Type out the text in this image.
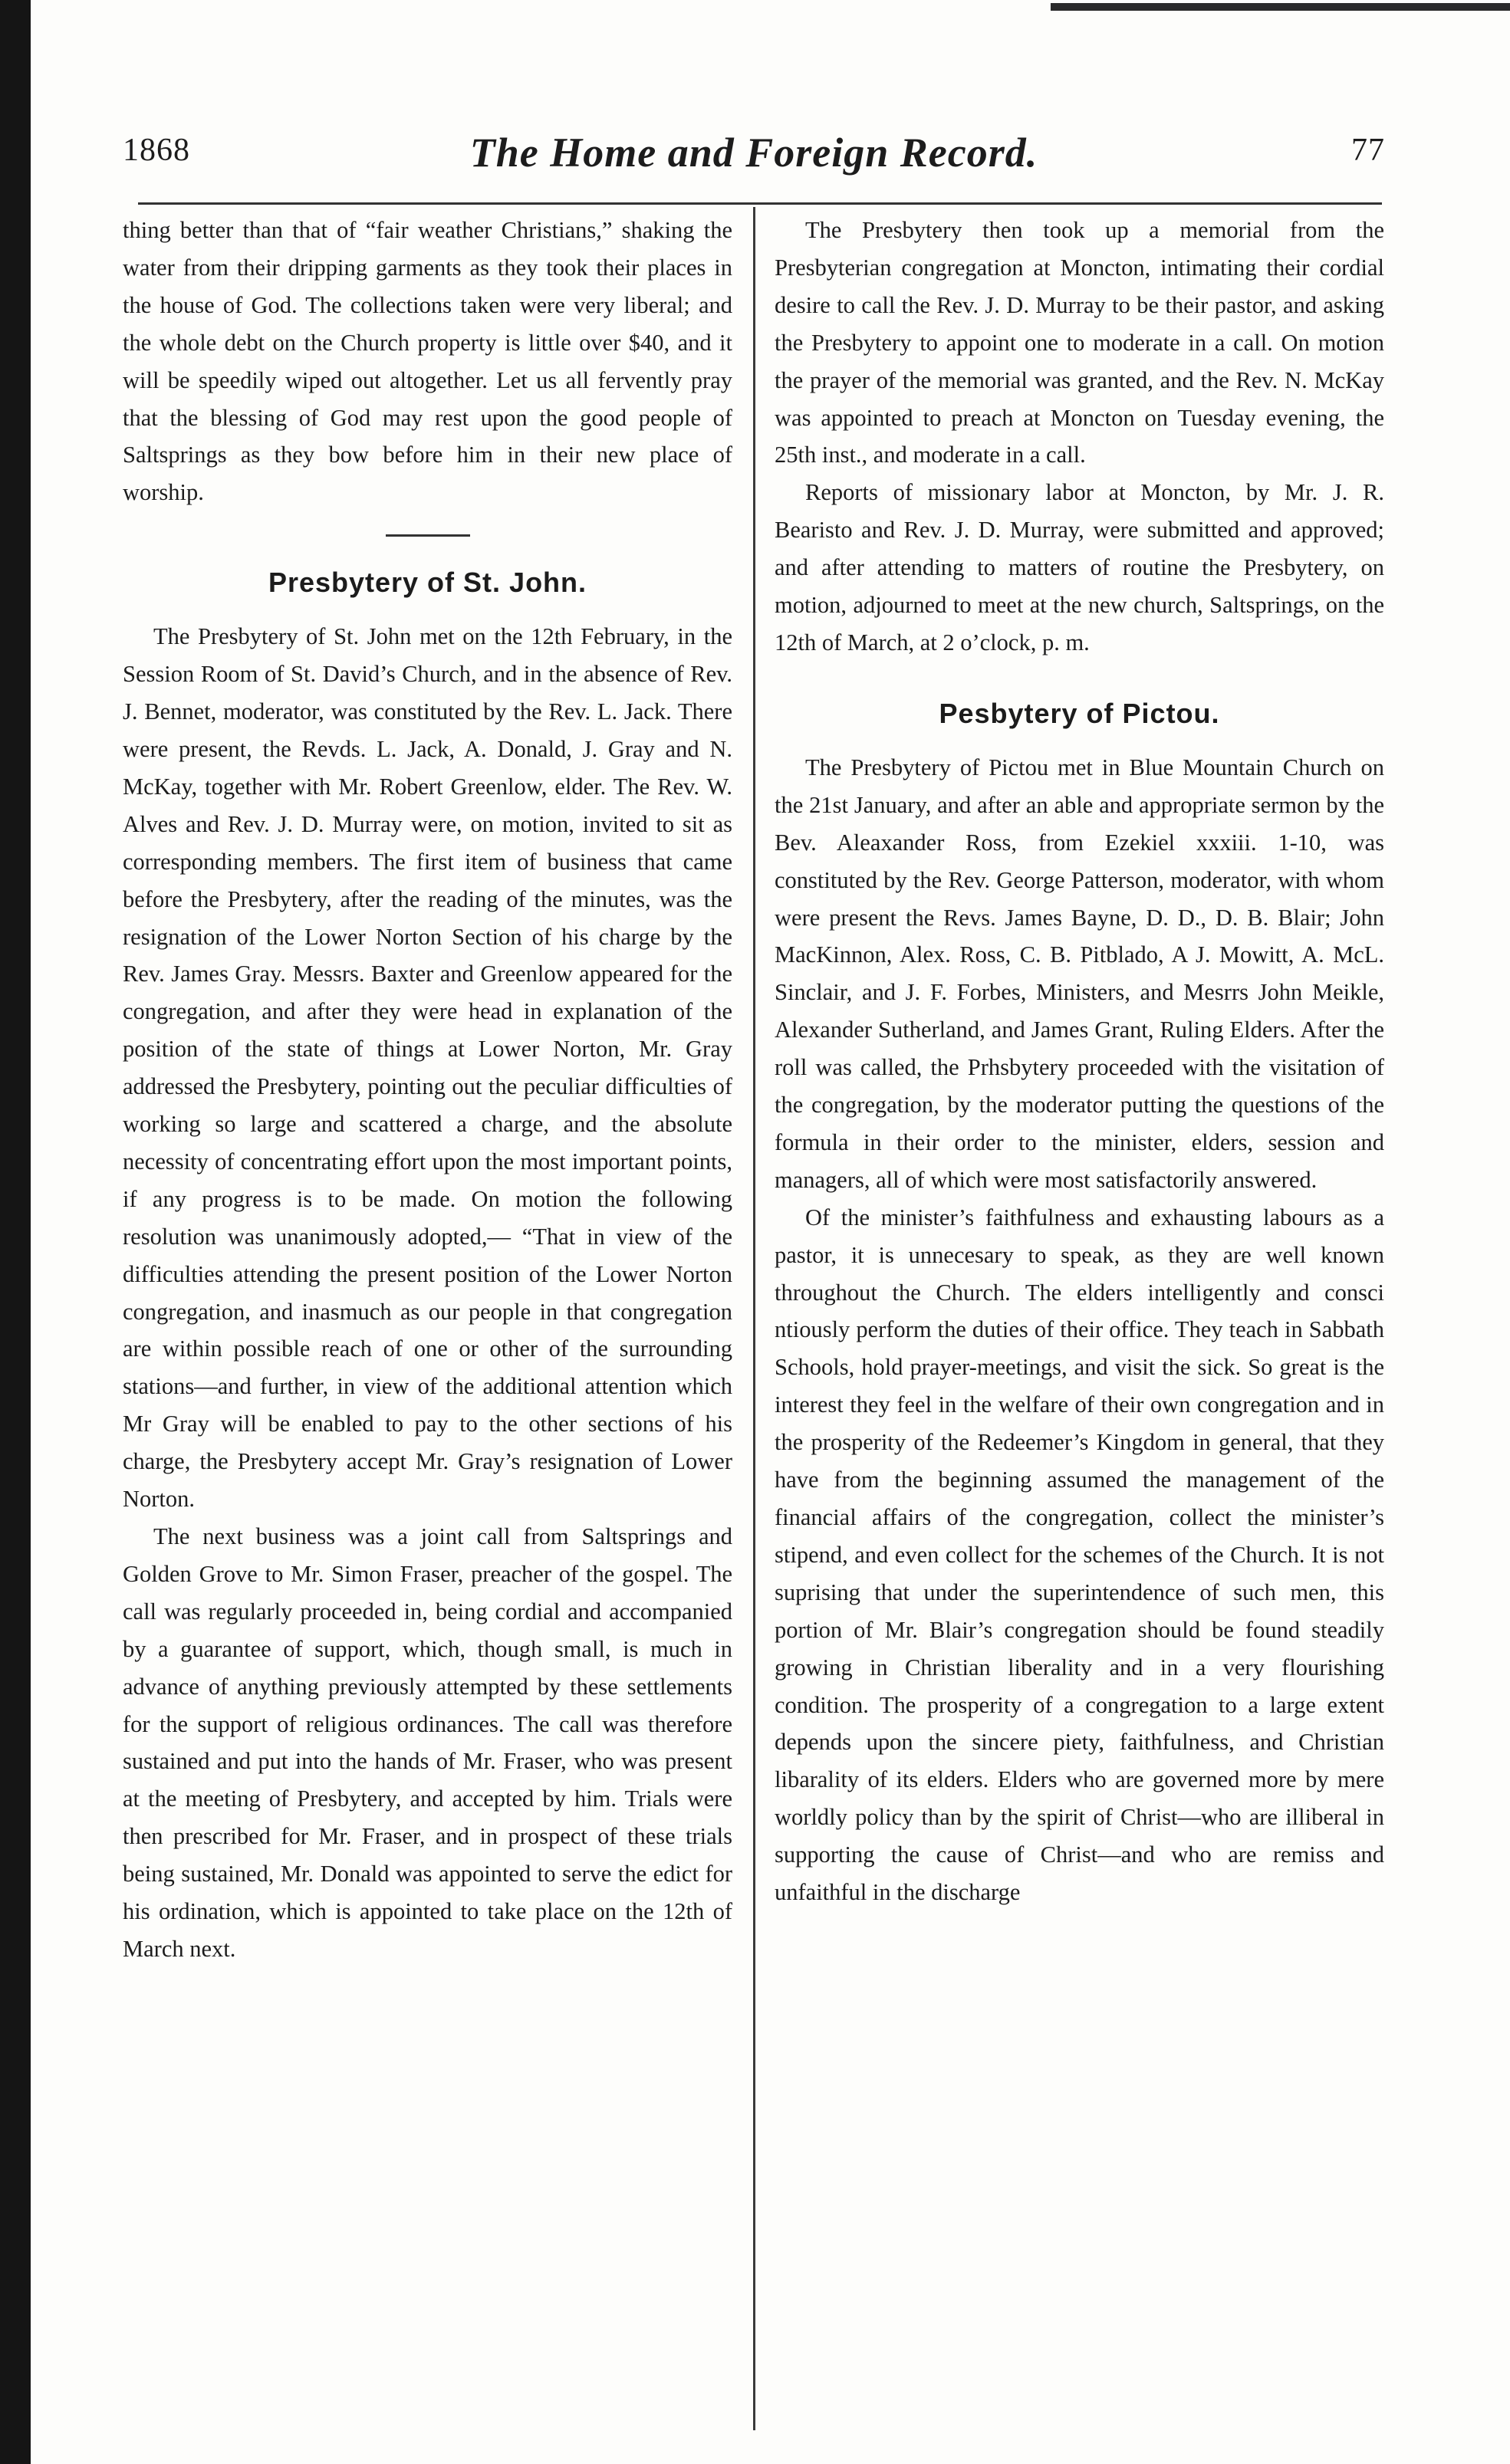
1868	The Home and Foreign Record.	77

thing better than that of “fair weather Christians,” shaking the water from their dripping garments as they took their places in the house of God. The collections taken were very liberal; and the whole debt on the Church property is little over $40, and it will be speedily wiped out altogether. Let us all fervently pray that the blessing of God may rest upon the good people of Saltsprings as they bow before him in their new place of worship.

Presbytery of St. John.

The Presbytery of St. John met on the 12th February, in the Session Room of St. David’s Church, and in the absence of Rev. J. Bennet, moderator, was constituted by the Rev. L. Jack. There were present, the Revds. L. Jack, A. Donald, J. Gray and N. McKay, together with Mr. Robert Greenlow, elder. The Rev. W. Alves and Rev. J. D. Murray were, on motion, invited to sit as corresponding members. The first item of business that came before the Presbytery, after the reading of the minutes, was the resignation of the Lower Norton Section of his charge by the Rev. James Gray. Messrs. Baxter and Greenlow appeared for the congregation, and after they were head in explanation of the position of the state of things at Lower Norton, Mr. Gray addressed the Presbytery, pointing out the peculiar difficulties of working so large and scattered a charge, and the absolute necessity of concentrating effort upon the most important points, if any progress is to be made. On motion the following resolution was unanimously adopted,— “That in view of the difficulties attending the present position of the Lower Norton congregation, and inasmuch as our people in that congregation are within possible reach of one or other of the surrounding stations—and further, in view of the additional attention which Mr Gray will be enabled to pay to the other sections of his charge, the Presbytery accept Mr. Gray’s resignation of Lower Norton.

The next business was a joint call from Saltsprings and Golden Grove to Mr. Simon Fraser, preacher of the gospel. The call was regularly proceeded in, being cordial and accompanied by a guarantee of support, which, though small, is much in advance of anything previously attempted by these settlements for the support of religious ordinances. The call was therefore sustained and put into the hands of Mr. Fraser, who was present at the meeting of Presbytery, and accepted by him. Trials were then prescribed for Mr. Fraser, and in prospect of these trials being sustained, Mr. Donald was appointed to serve the edict for his ordination, which is appointed to take place on the 12th of March next.

The Presbytery then took up a memorial from the Presbyterian congregation at Moncton, intimating their cordial desire to call the Rev. J. D. Murray to be their pastor, and asking the Presbytery to appoint one to moderate in a call. On motion the prayer of the memorial was granted, and the Rev. N. McKay was appointed to preach at Moncton on Tuesday evening, the 25th inst., and moderate in a call.

Reports of missionary labor at Moncton, by Mr. J. R. Bearisto and Rev. J. D. Murray, were submitted and approved; and after attending to matters of routine the Presbytery, on motion, adjourned to meet at the new church, Saltsprings, on the 12th of March, at 2 o’clock, p. m.

Pesbytery of Pictou.

The Presbytery of Pictou met in Blue Mountain Church on the 21st January, and after an able and appropriate sermon by the Bev. Aleaxander Ross, from Ezekiel xxxiii. 1-10, was constituted by the Rev. George Patterson, moderator, with whom were present the Revs. James Bayne, D. D., D. B. Blair; John MacKinnon, Alex. Ross, C. B. Pitblado, A J. Mowitt, A. McL. Sinclair, and J. F. Forbes, Ministers, and Mesrrs John Meikle, Alexander Sutherland, and James Grant, Ruling Elders. After the roll was called, the Prhsbytery proceeded with the visitation of the congregation, by the moderator putting the questions of the formula in their order to the minister, elders, session and managers, all of which were most satisfactorily answered.

Of the minister’s faithfulness and exhausting labours as a pastor, it is unnecesary to speak, as they are well known throughout the Church. The elders intelligently and consci ntiously perform the duties of their office. They teach in Sabbath Schools, hold prayer-meetings, and visit the sick. So great is the interest they feel in the welfare of their own congregation and in the prosperity of the Redeemer’s Kingdom in general, that they have from the beginning assumed the management of the financial affairs of the congregation, collect the minister’s stipend, and even collect for the schemes of the Church. It is not suprising that under the superintendence of such men, this portion of Mr. Blair’s congregation should be found steadily growing in Christian liberality and in a very flourishing condition. The prosperity of a congregation to a large extent depends upon the sincere piety, faithfulness, and Christian libarality of its elders. Elders who are governed more by mere worldly policy than by the spirit of Christ—who are illiberal in supporting the cause of Christ—and who are remiss and unfaithful in the discharge
